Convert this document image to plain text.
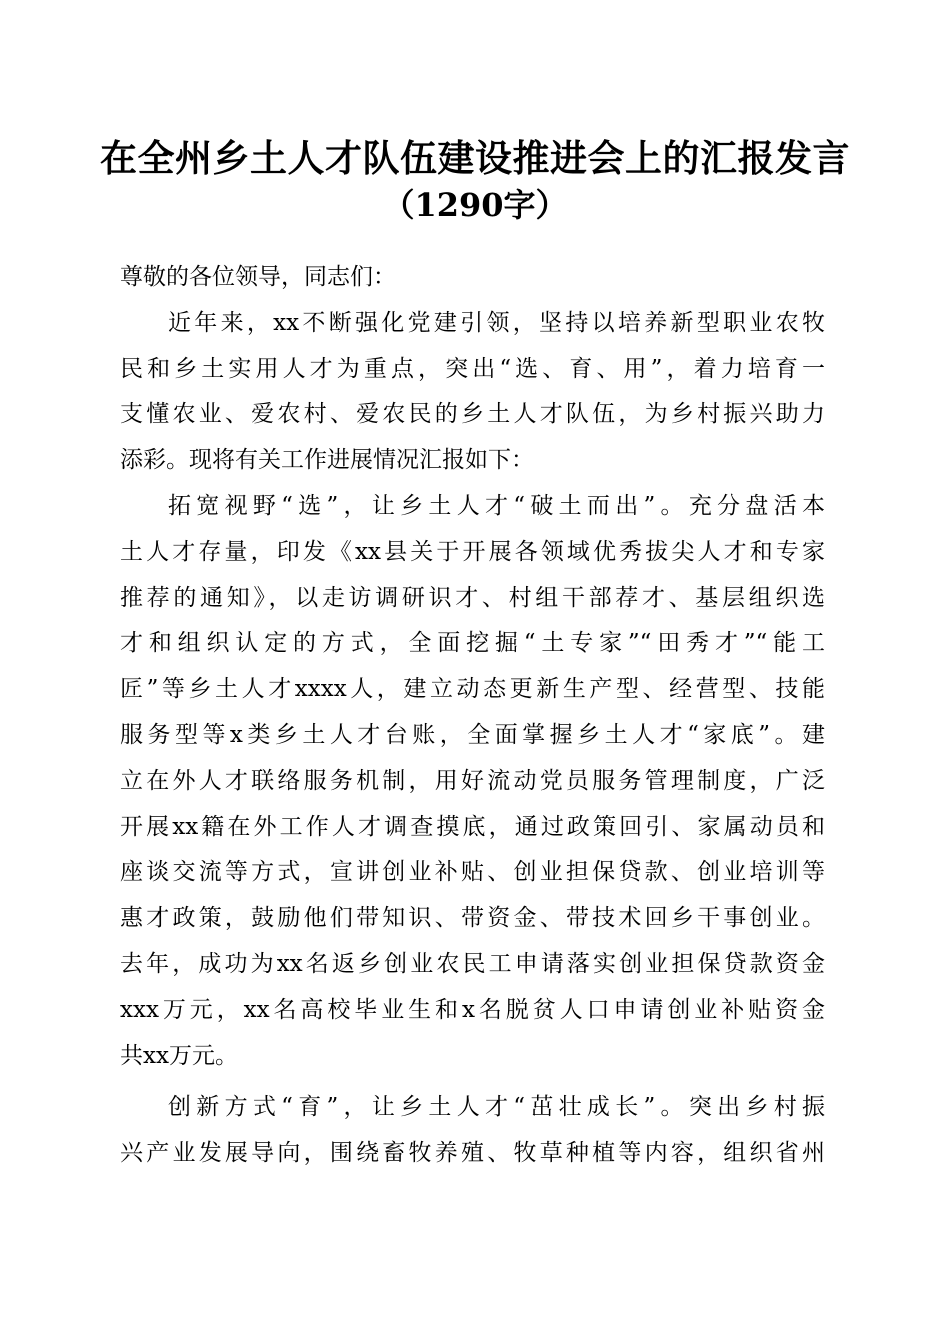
在全州乡土人才队伍建设推进会上的汇报发言
（1290字）
尊敬的各位领导，同志们：
近年来，xx不断强化党建引领，坚持以培养新型职业农牧
民和乡土实用人才为重点，突出“选、育、用”，着力培育一
支懂农业、爱农村、爱农民的乡土人才队伍，为乡村振兴助力
添彩。现将有关工作进展情况汇报如下：
拓宽视野“选”，让乡土人才“破土而出”。充分盘活本
土人才存量，印发《xx县关于开展各领域优秀拔尖人才和专家
推荐的通知》，以走访调研识才、村组干部荐才、基层组织选
才和组织认定的方式，全面挖掘“土专家”“田秀才”“能工
匠”等乡土人才xxxx人，建立动态更新生产型、经营型、技能
服务型等x类乡土人才台账，全面掌握乡土人才“家底”。建
立在外人才联络服务机制，用好流动党员服务管理制度，广泛
开展xx籍在外工作人才调查摸底，通过政策回引、家属动员和
座谈交流等方式，宣讲创业补贴、创业担保贷款、创业培训等
惠才政策，鼓励他们带知识、带资金、带技术回乡干事创业。
去年，成功为xx名返乡创业农民工申请落实创业担保贷款资金
xxx万元，xx名高校毕业生和x名脱贫人口申请创业补贴资金
共xx万元。
创新方式“育”，让乡土人才“茁壮成长”。突出乡村振
兴产业发展导向，围绕畜牧养殖、牧草种植等内容，组织省州
